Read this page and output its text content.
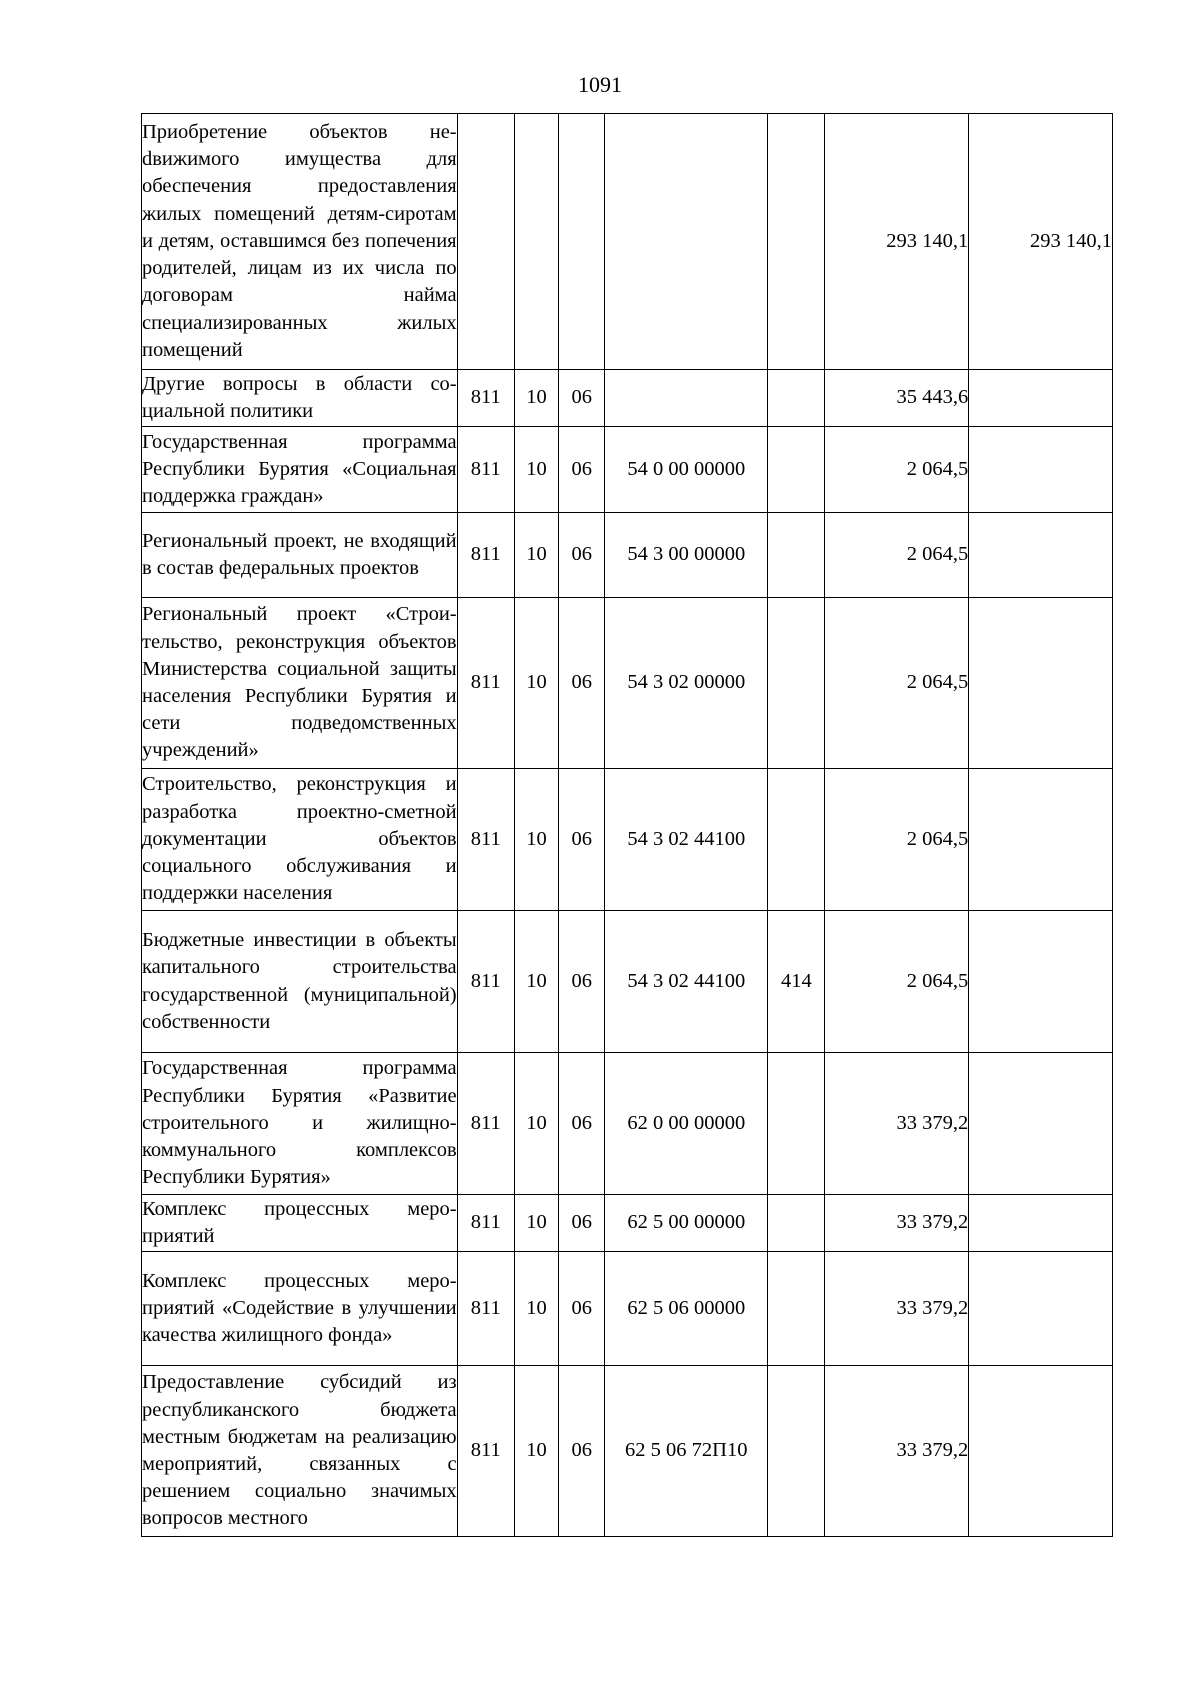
1091
Приобретение объектов неdвижимого имущества для обеспечения предоставления жилых помещений детям-сиротам и детям, оставшимся без попечения родителей, лицам из их числа по договорам найма специализированных жилых помещений						293 140,1	293 140,1
Другие вопросы в области социальной политики	811	10	06			35 443,6	
Государственная программа Республики Бурятия «Социальная поддержка граждан»	811	10	06	54 0 00 00000		2 064,5	
Региональный проект, не входящий в состав федеральных проектов	811	10	06	54 3 00 00000		2 064,5	
Региональный проект «Строительство, реконструкция объектов Министерства социальной защиты населения Республики Бурятия и сети подведомственных учреждений»	811	10	06	54 3 02 00000		2 064,5	
Строительство, реконструкция и разработка проектно-сметной документации объектов социального обслуживания и поддержки населения	811	10	06	54 3 02 44100		2 064,5	
Бюджетные инвестиции в объекты капитального строительства государственной (муниципальной) собственности	811	10	06	54 3 02 44100	414	2 064,5	
Государственная программа Республики Бурятия «Развитие строительного и жилищно-коммунального комплексов Республики Бурятия»	811	10	06	62 0 00 00000		33 379,2	
Комплекс процессных мероприятий	811	10	06	62 5 00 00000		33 379,2	
Комплекс процессных мероприятий «Содействие в улучшении качества жилищного фонда»	811	10	06	62 5 06 00000		33 379,2	
Предоставление субсидий из республиканского бюджета местным бюджетам на реализацию мероприятий, связанных с решением социально значимых вопросов местного	811	10	06	62 5 06 72П10		33 379,2	
